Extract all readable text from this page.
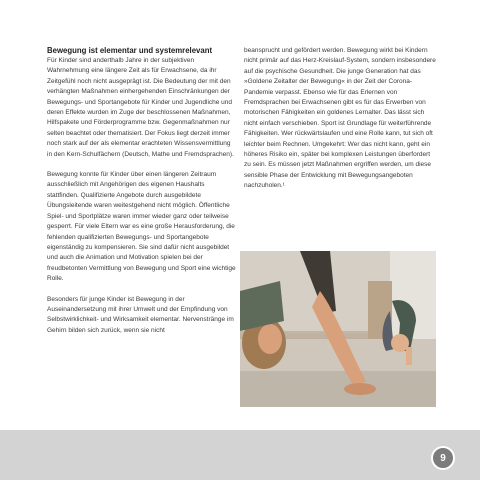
Bewegung ist elementar und systemrelevant

Für Kinder sind anderthalb Jahre in der subjektiven Wahrnehmung eine längere Zeit als für Erwachsene, da ihr Zeitgefühl noch nicht ausgeprägt ist. Die Bedeutung der mit den verhängten Maßnahmen einhergehenden Einschränkungen der Bewegungs- und Sportangebote für Kinder und Jugendliche und deren Effekte wurden im Zuge der beschlossenen Maßnahmen, Hilfspakete und Förderprogramme bzw. Gegenmaßnahmen nur selten beachtet oder thematisiert. Der Fokus liegt derzeit immer noch stark auf der als elementar erachteten Wissensvermittlung in den Kern-Schulfächern (Deutsch, Mathe und Fremdsprachen).

Bewegung konnte für Kinder über einen längeren Zeitraum ausschließlich mit Angehörigen des eigenen Haushalts stattfinden. Qualifizierte Angebote durch ausgebildete Übungsleitende waren weitestgehend nicht möglich. Öffentliche Spiel- und Sportplätze waren immer wieder ganz oder teilweise gesperrt. Für viele Eltern war es eine große Herausforderung, die fehlenden qualifizierten Bewegungs- und Sportangebote eigenständig zu kompensieren. Sie sind dafür nicht ausgebildet und auch die Animation und Motivation spielen bei der freudbetonten Vermittlung von Bewegung und Sport eine wichtige Rolle.

Besonders für junge Kinder ist Bewegung in der Auseinandersetzung mit ihrer Umwelt und der Empfindung von Selbstwirklichkeit- und Wirksamkeit elementar. Nervenstränge im Gehirn bilden sich zurück, wenn sie nicht

beansprucht und gefördert werden. Bewegung wirkt bei Kindern nicht primär auf das Herz-Kreislauf-System, sondern insbesondere auf die psychische Gesundheit. Die junge Generation hat das »Goldene Zeitalter der Bewegung« in der Zeit der Corona-Pandemie verpasst. Ebenso wie für das Erlernen von Fremdsprachen bei Erwachsenen gibt es für das Erwerben von motorischen Fähigkeiten ein goldenes Lernalter. Das lässt sich nicht einfach verschieben. Sport ist Grundlage für weiterführende Fähigkeiten. Wer rückwärtslaufen und eine Rolle kann, tut sich oft leichter beim Rechnen. Umgekehrt: Wer das nicht kann, geht ein höheres Risiko ein, später bei komplexen Leistungen überfordert zu sein. Es müssen jetzt Maßnahmen ergriffen werden, um diese sensible Phase der Entwicklung mit Bewegungsangeboten nachzuholen.¹

9
